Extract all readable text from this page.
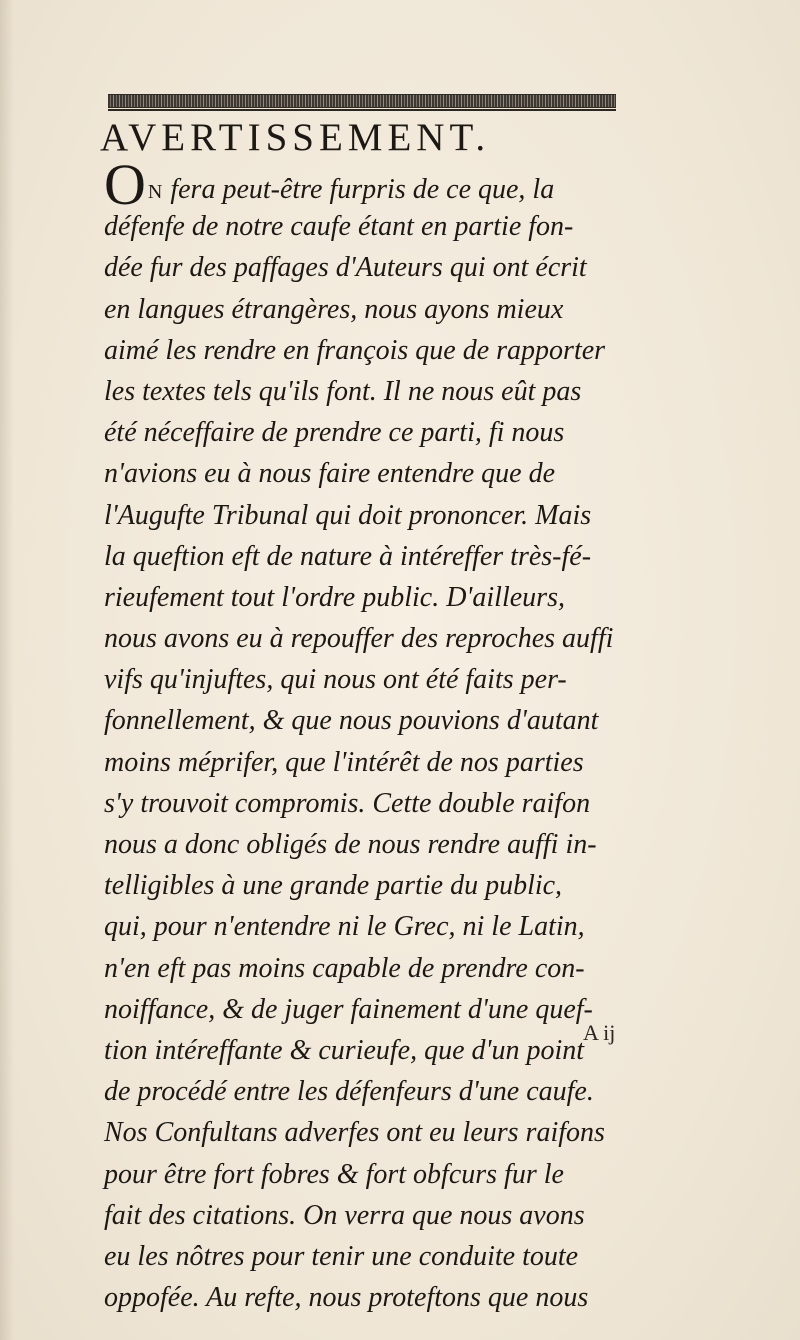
AVERTISSEMENT.
O N fera peut-être furpris de ce que, la
défenfe de notre caufe étant en partie fon-
dée fur des paffages d'Auteurs qui ont écrit
en langues étrangères, nous ayons mieux
aimé les rendre en françois que de rapporter
les textes tels qu'ils font. Il ne nous eût pas
été néceffaire de prendre ce parti, fi nous
n'avions eu à nous faire entendre que de
l'Augufte Tribunal qui doit prononcer. Mais
la queftion eft de nature à intéreffer très-fé-
rieufement tout l'ordre public. D'ailleurs,
nous avons eu à repouffer des reproches auffi
vifs qu'injuftes, qui nous ont été faits per-
fonnellement, & que nous pouvions d'autant
moins méprifer, que l'intérêt de nos parties
s'y trouvoit compromis. Cette double raifon
nous a donc obligés de nous rendre auffi in-
telligibles à une grande partie du public,
qui, pour n'entendre ni le Grec, ni le Latin,
n'en eft pas moins capable de prendre con-
noiffance, & de juger fainement d'une quef-
tion intéreffante & curieufe, que d'un point
de procédé entre les défenfeurs d'une caufe.
Nos Confultans adverfes ont eu leurs raifons
pour être fort fobres & fort obfcurs fur le
fait des citations. On verra que nous avons
eu les nôtres pour tenir une conduite toute
oppofée. Au refte, nous proteftons que nous
A ij
